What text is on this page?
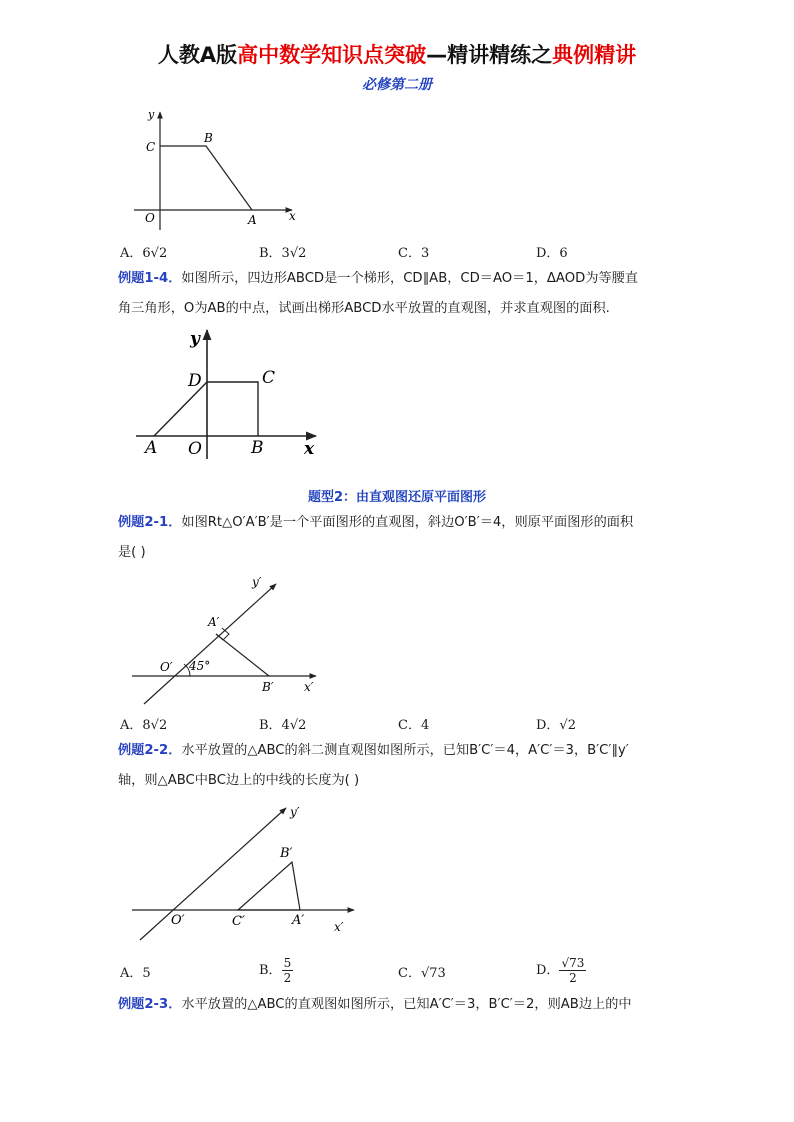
人教A版高中数学知识点突破—精讲精练之典例精讲
必修第二册
y
x
C
B
O	A
A．6√2	B．3√2	C．3	D．6
例题1-4．如图所示，四边形ABCD是一个梯形，CD∥AB，CD＝AO＝1，ΔAOD为等腰直
角三角形，O为AB的中点，试画出梯形ABCD水平放置的直观图，并求直观图的面积.
y
x
D	C
A O	B
题型2：由直观图还原平面图形
例题2-1．如图Rt△O′A′B′是一个平面图形的直观图，斜边O′B′＝4，则原平面图形的面积
是( )
y′
x′
A′
O′
B′
45°
A．8√2	B．4√2	C．4	D．√2
例题2-2．水平放置的△ABC的斜二测直观图如图所示，已知B′C′＝4，A′C′＝3，B′C′∥y′
轴，则△ABC中BC边上的中线的长度为( )
y′
x′
B′
O′	C′	A′
A．5	B． $\frac{5}{2}$	C．√73	D． $\frac{√73}{2}$
例题2-3．水平放置的△ABC的直观图如图所示，已知A′C′＝3，B′C′＝2，则AB边上的中
